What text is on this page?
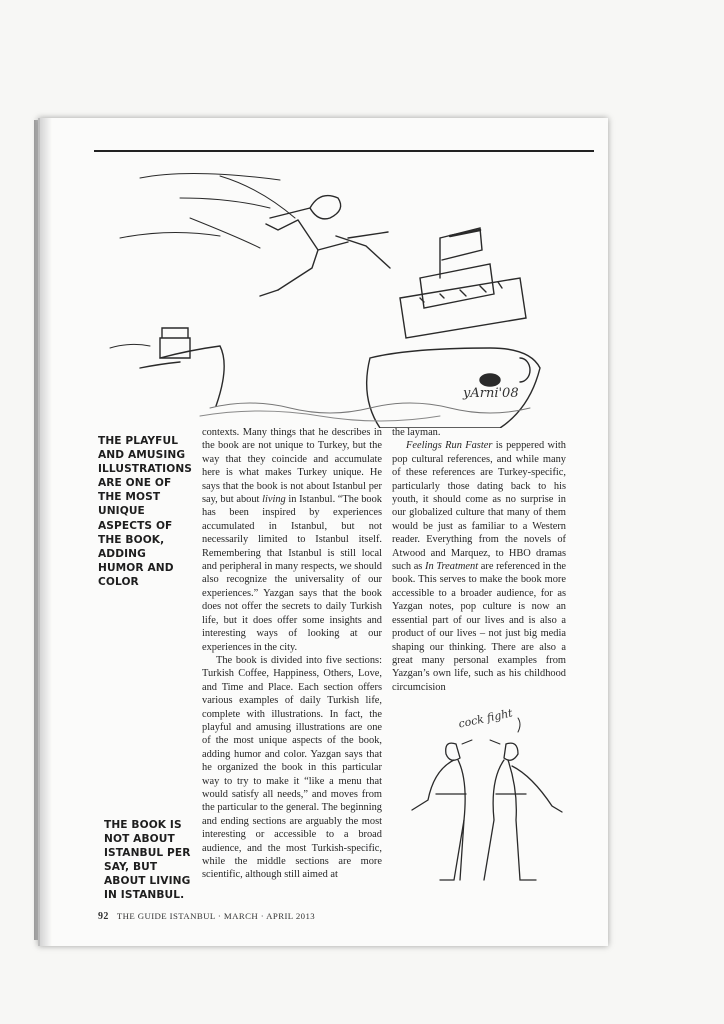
yArni'08
THE PLAYFUL AND AMUSING ILLUSTRATIONS ARE ONE OF THE MOST UNIQUE ASPECTS OF THE BOOK, ADDING HUMOR AND COLOR
THE BOOK IS NOT ABOUT ISTANBUL PER SAY, BUT ABOUT LIVING IN ISTANBUL.

contexts. Many things that he describes in the book are not unique to Turkey, but the way that they coincide and accumulate here is what makes Turkey unique. He says that the book is not about Istanbul per say, but about living in Istanbul. “The book has been inspired by experiences accumulated in Istanbul, but not necessarily limited to Istanbul itself. Remembering that Istanbul is still local and peripheral in many respects, we should also recognize the universality of our experiences.” Yazgan says that the book does not offer the secrets to daily Turkish life, but it does offer some insights and interesting ways of looking at our experiences in the city.

The book is divided into five sections: Turkish Coffee, Happiness, Others, Love, and Time and Place. Each section offers various examples of daily Turkish life, complete with illustrations. In fact, the playful and amusing illustrations are one of the most unique aspects of the book, adding humor and color. Yazgan says that he organized the book in this particular way to try to make it “like a menu that would satisfy all needs,” and moves from the particular to the general. The beginning and ending sections are arguably the most interesting or accessible to a broad audience, and the most Turkish-specific, while the middle sections are more scientific, although still aimed at

the layman.

Feelings Run Faster is peppered with pop cultural references, and while many of these references are Turkey-specific, particularly those dating back to his youth, it should come as no surprise in our globalized culture that many of them would be just as familiar to a Western reader. Everything from the novels of Atwood and Marquez, to HBO dramas such as In Treatment are referenced in the book. This serves to make the book more accessible to a broader audience, for as Yazgan notes, pop culture is now an essential part of our lives and is also a product of our lives – not just big media shaping our thinking. There are also a great many personal examples from Yazgan’s own life, such as his childhood circumcision

cock fight
92 THE GUIDE ISTANBUL · MARCH · APRIL 2013
